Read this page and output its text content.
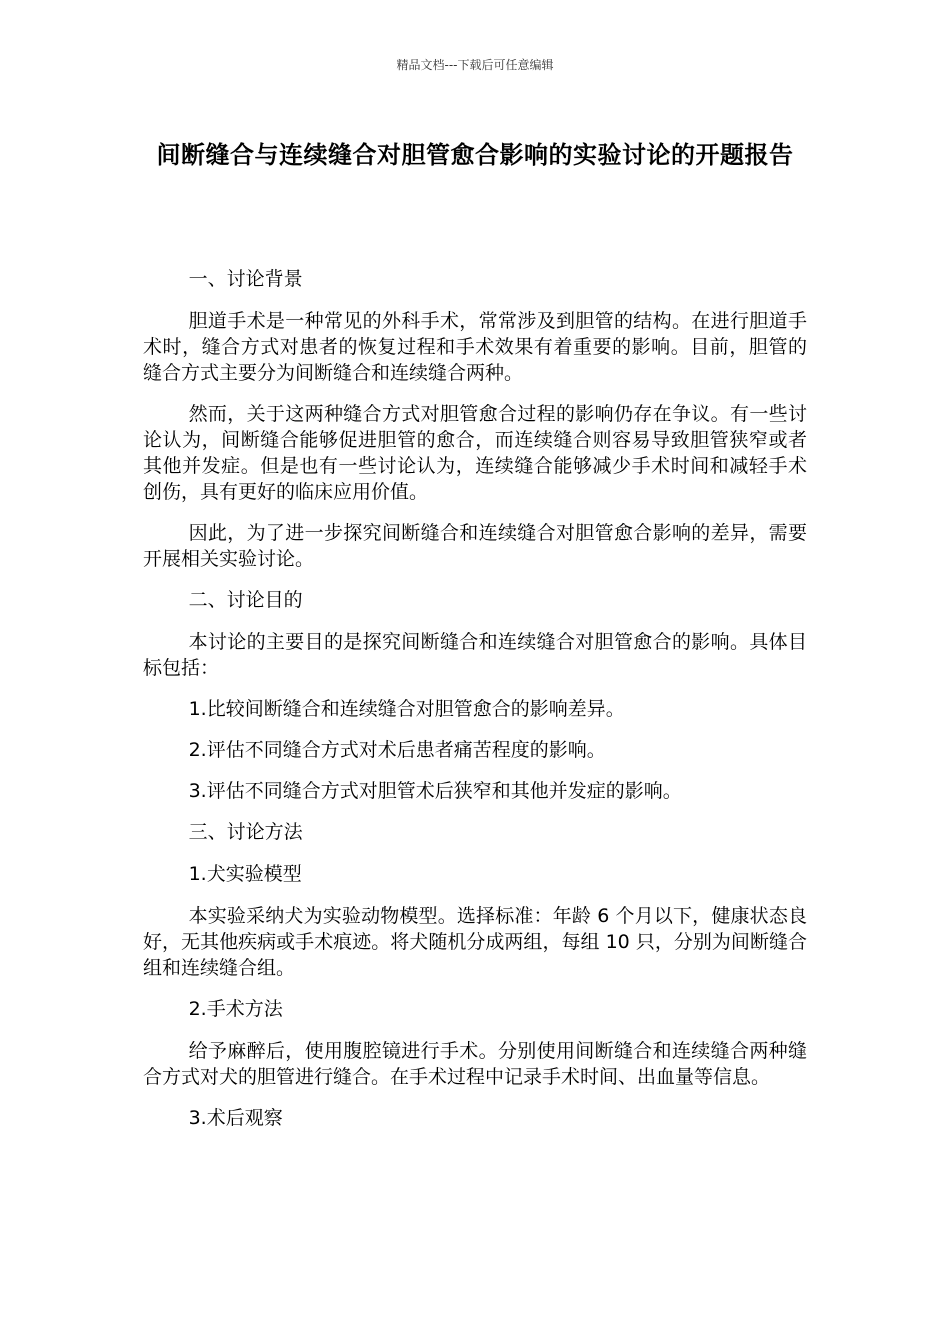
精品文档---下载后可任意编辑
间断缝合与连续缝合对胆管愈合影响的实验讨论的开题报告

一、讨论背景

胆道手术是一种常见的外科手术，常常涉及到胆管的结构。在进行胆道手术时，缝合方式对患者的恢复过程和手术效果有着重要的影响。目前，胆管的缝合方式主要分为间断缝合和连续缝合两种。

然而，关于这两种缝合方式对胆管愈合过程的影响仍存在争议。有一些讨论认为，间断缝合能够促进胆管的愈合，而连续缝合则容易导致胆管狭窄或者其他并发症。但是也有一些讨论认为，连续缝合能够减少手术时间和减轻手术创伤，具有更好的临床应用价值。

因此，为了进一步探究间断缝合和连续缝合对胆管愈合影响的差异，需要开展相关实验讨论。

二、讨论目的

本讨论的主要目的是探究间断缝合和连续缝合对胆管愈合的影响。具体目标包括：

1.比较间断缝合和连续缝合对胆管愈合的影响差异。

2.评估不同缝合方式对术后患者痛苦程度的影响。

3.评估不同缝合方式对胆管术后狭窄和其他并发症的影响。

三、讨论方法

1.犬实验模型

本实验采纳犬为实验动物模型。选择标准：年龄 6 个月以下，健康状态良好，无其他疾病或手术痕迹。将犬随机分成两组，每组 10 只，分别为间断缝合组和连续缝合组。

2.手术方法

给予麻醉后，使用腹腔镜进行手术。分别使用间断缝合和连续缝合两种缝合方式对犬的胆管进行缝合。在手术过程中记录手术时间、出血量等信息。

3.术后观察
